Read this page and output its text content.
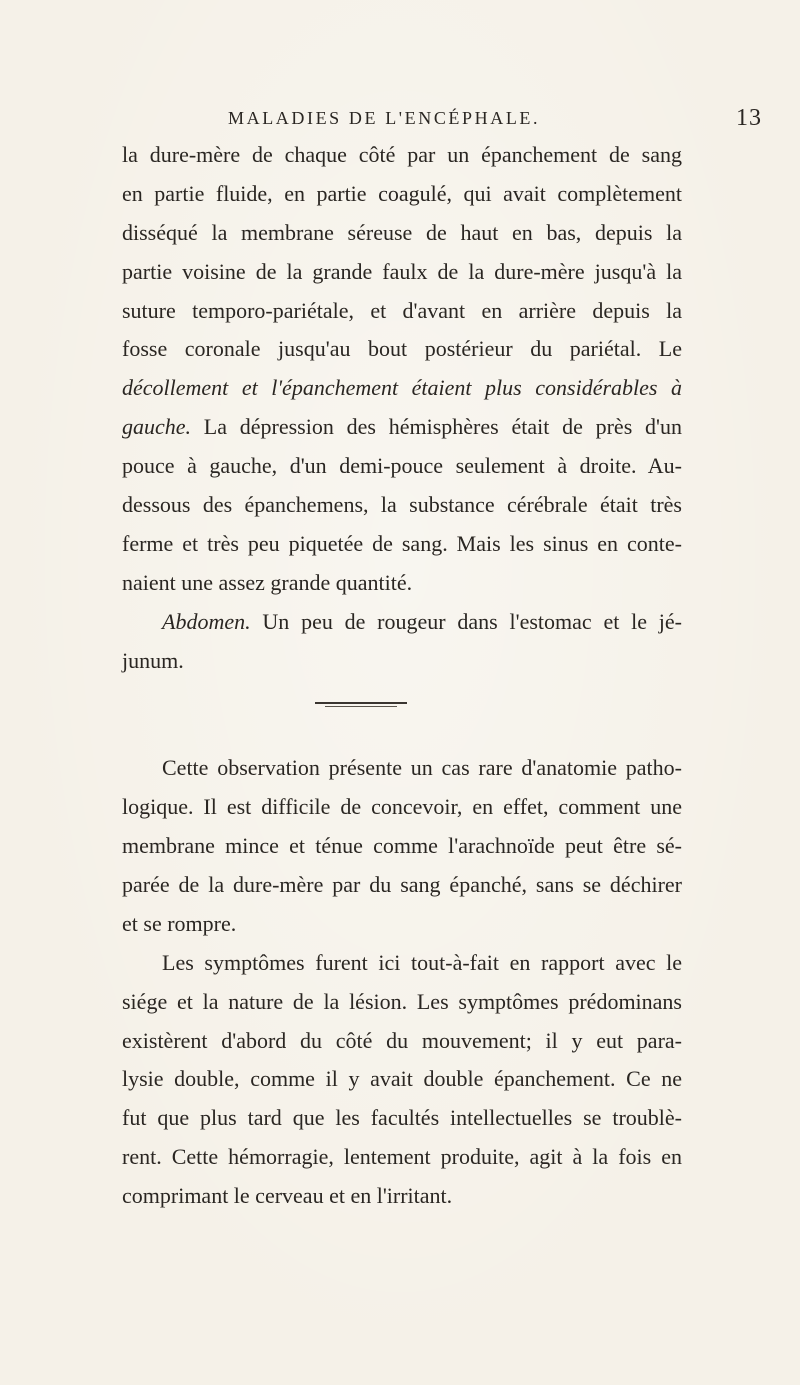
MALADIES DE L'ENCÉPHALE.	13
la dure-mère de chaque côté par un épanchement de sang
en partie fluide, en partie coagulé, qui avait complètement
disséqué la membrane séreuse de haut en bas, depuis la
partie voisine de la grande faulx de la dure-mère jusqu'à la
suture temporo-pariétale, et d'avant en arrière depuis la
fosse coronale jusqu'au bout postérieur du pariétal. Le
décollement et l'épanchement étaient plus considérables à
gauche. La dépression des hémisphères était de près d'un
pouce à gauche, d'un demi-pouce seulement à droite. Au-
dessous des épanchemens, la substance cérébrale était très
ferme et très peu piquetée de sang. Mais les sinus en conte-
naient une assez grande quantité.
Abdomen. Un peu de rougeur dans l'estomac et le jé-
junum.
Cette observation présente un cas rare d'anatomie patho-
logique. Il est difficile de concevoir, en effet, comment une
membrane mince et ténue comme l'arachnoïde peut être sé-
parée de la dure-mère par du sang épanché, sans se déchirer
et se rompre.
Les symptômes furent ici tout-à-fait en rapport avec le
siége et la nature de la lésion. Les symptômes prédominans
existèrent d'abord du côté du mouvement; il y eut para-
lysie double, comme il y avait double épanchement. Ce ne
fut que plus tard que les facultés intellectuelles se troublè-
rent. Cette hémorragie, lentement produite, agit à la fois en
comprimant le cerveau et en l'irritant.
